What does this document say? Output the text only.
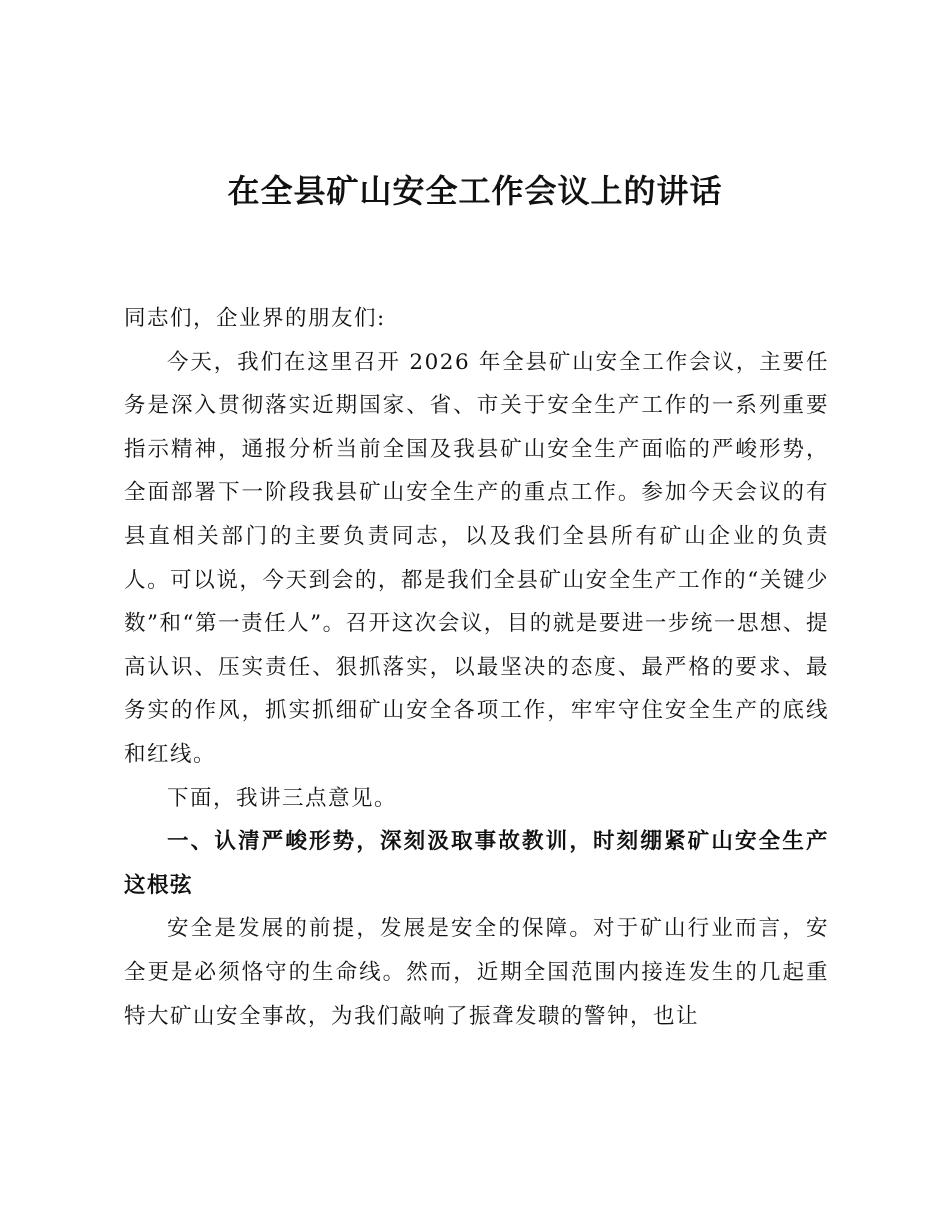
在全县矿山安全工作会议上的讲话

同志们，企业界的朋友们:

今天，我们在这里召开 2026 年全县矿山安全工作会议，主要任务是深入贯彻落实近期国家、省、市关于安全生产工作的一系列重要指示精神，通报分析当前全国及我县矿山安全生产面临的严峻形势，全面部署下一阶段我县矿山安全生产的重点工作。参加今天会议的有县直相关部门的主要负责同志，以及我们全县所有矿山企业的负责人。可以说，今天到会的，都是我们全县矿山安全生产工作的“关键少数”和“第一责任人”。召开这次会议，目的就是要进一步统一思想、提高认识、压实责任、狠抓落实，以最坚决的态度、最严格的要求、最务实的作风，抓实抓细矿山安全各项工作，牢牢守住安全生产的底线和红线。

下面，我讲三点意见。

一、认清严峻形势，深刻汲取事故教训，时刻绷紧矿山安全生产这根弦

安全是发展的前提，发展是安全的保障。对于矿山行业而言，安全更是必须恪守的生命线。然而，近期全国范围内接连发生的几起重特大矿山安全事故，为我们敲响了振聋发聩的警钟，也让
